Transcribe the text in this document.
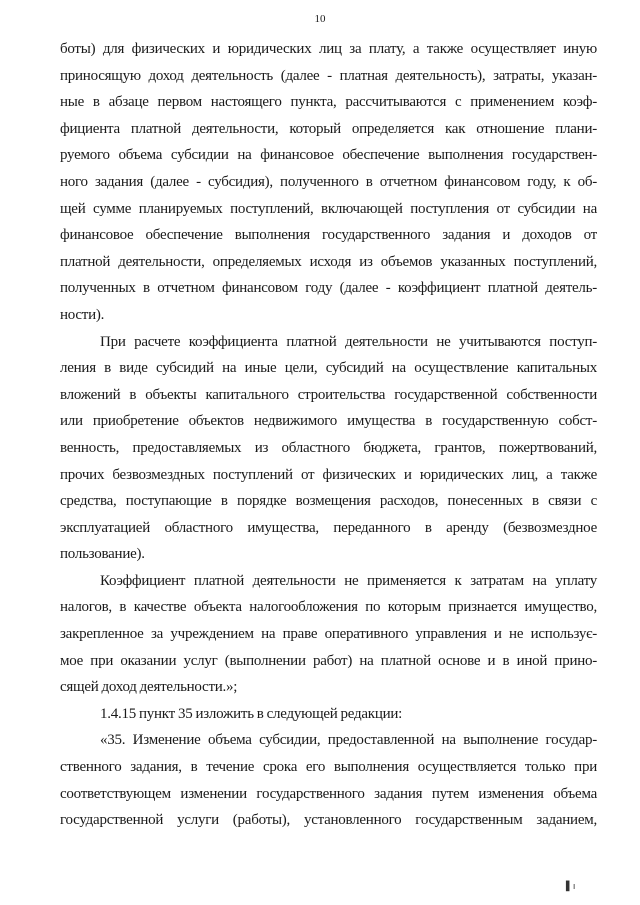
10
боты) для физических и юридических лиц за плату, а также осуществляет иную
приносящую доход деятельность (далее - платная деятельность), затраты, указан-
ные в абзаце первом настоящего пункта, рассчитываются с применением коэф-
фициента платной деятельности, который определяется как отношение плани-
руемого объема субсидии на финансовое обеспечение выполнения государствен-
ного задания (далее - субсидия), полученного в отчетном финансовом году, к об-
щей сумме планируемых поступлений, включающей поступления от субсидии на
финансовое обеспечение выполнения государственного задания и доходов от
платной деятельности, определяемых исходя из объемов указанных поступлений,
полученных в отчетном финансовом году (далее - коэффициент платной деятель-
ности).
При расчете коэффициента платной деятельности не учитываются поступ-
ления в виде субсидий на иные цели, субсидий на осуществление капитальных
вложений в объекты капитального строительства государственной собственности
или приобретение объектов недвижимого имущества в государственную собст-
венность, предоставляемых из областного бюджета, грантов, пожертвований,
прочих безвозмездных поступлений от физических и юридических лиц, а также
средства, поступающие в порядке возмещения расходов, понесенных в связи с
эксплуатацией областного имущества, переданного в аренду (безвозмездное
пользование).
Коэффициент платной деятельности не применяется к затратам на уплату
налогов, в качестве объекта налогообложения по которым признается имущество,
закрепленное за учреждением на праве оперативного управления и не использує-
мое при оказании услуг (выполнении работ) на платной основе и в иной прино-
сящей доход деятельности.»;
1.4.15 пункт 35 изложить в следующей редакции:
«35. Изменение объема субсидии, предоставленной на выполнение государ-
ственного задания, в течение срока его выполнения осуществляется только при
соответствующем изменении государственного задания путем изменения объема
государственной услуги (работы), установленного государственным заданием,
▌ı
